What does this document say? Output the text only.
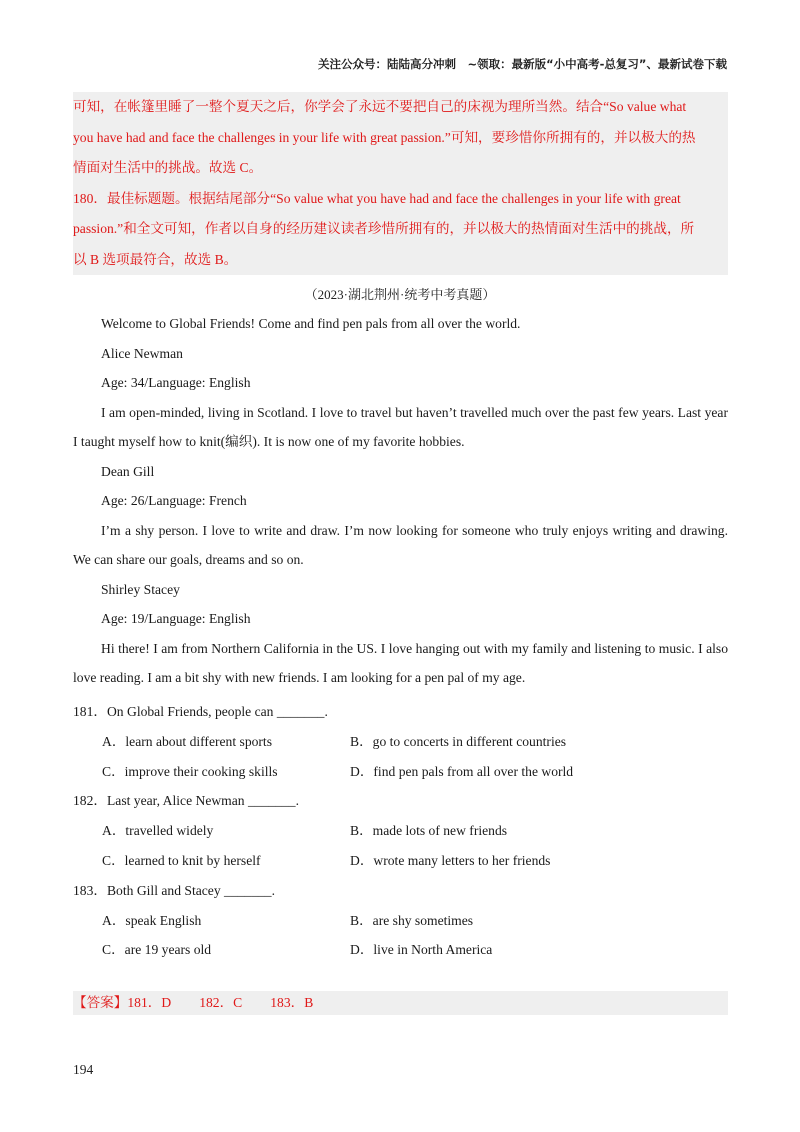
关注公众号：陆陆高分冲刺　~领取：最新版“小中高考-总复习”、最新试卷下载

可知，在帐篷里睡了一整个夏天之后，你学会了永远不要把自己的床视为理所当然。结合“So value what

you have had and face the challenges in your life with great passion.”可知，要珍惜你所拥有的，并以极大的热

情面对生活中的挑战。故选 C。

180．最佳标题题。根据结尾部分“So value what you have had and face the challenges in your life with great

passion.”和全文可知，作者以自身的经历建议读者珍惜所拥有的，并以极大的热情面对生活中的挑战，所

以 B 选项最符合，故选 B。

（2023·湖北荆州·统考中考真题）

Welcome to Global Friends! Come and find pen pals from all over the world.

Alice Newman

Age: 34/Language: English

I am open-minded, living in Scotland. I love to travel but haven’t travelled much over the past few years. Last year I taught myself how to knit(编织). It is now one of my favorite hobbies.

Dean Gill

Age: 26/Language: French

I’m a shy person. I love to write and draw. I’m now looking for someone who truly enjoys writing and drawing. We can share our goals, dreams and so on.

Shirley Stacey

Age: 19/Language: English

Hi there! I am from Northern California in the US. I love hanging out with my family and listening to music. I also love reading. I am a bit shy with new friends. I am looking for a pen pal of my age.

181．On Global Friends, people can _______.

A．learn about different sports	B．go to concerts in different countries
C．improve their cooking skills	D．find pen pals from all over the world

182．Last year, Alice Newman _______.

A．travelled widely	B．made lots of new friends
C．learned to knit by herself	D．wrote many letters to her friends

183．Both Gill and Stacey _______.

A．speak English	B．are shy sometimes
C．are 19 years old	D．live in North America
【答案】181．D 182．C 183．B
194
